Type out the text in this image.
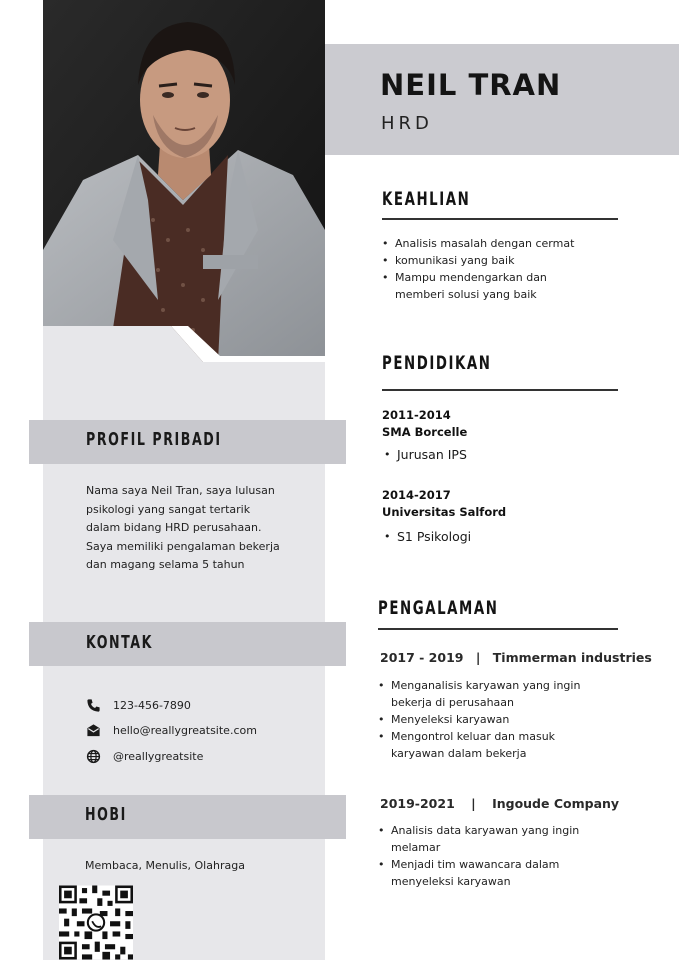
NEIL TRAN
HRD
KEAHLIAN
• Analisis masalah dengan cermat
• komunikasi yang baik
• Mampu mendengarkan dan
memberi solusi yang baik
PENDIDIKAN
2011-2014
SMA Borcelle
• Jurusan IPS
2014-2017
Universitas Salford
• S1 Psikologi
PENGALAMAN
2017 - 2019 | Timmerman industries
• Menganalisis karyawan yang ingin
bekerja di perusahaan
• Menyeleksi karyawan
• Mengontrol keluar dan masuk
karyawan dalam bekerja
2019-2021 | Ingoude Company
• Analisis data karyawan yang ingin
melamar
• Menjadi tim wawancara dalam
menyeleksi karyawan
PROFIL PRIBADI
Nama saya Neil Tran, saya lulusan
psikologi yang sangat tertarik
dalam bidang HRD perusahaan.
Saya memiliki pengalaman bekerja
dan magang selama 5 tahun
KONTAK
123-456-7890
hello@reallygreatsite.com
@reallygreatsite
HOBI
Membaca, Menulis, Olahraga
